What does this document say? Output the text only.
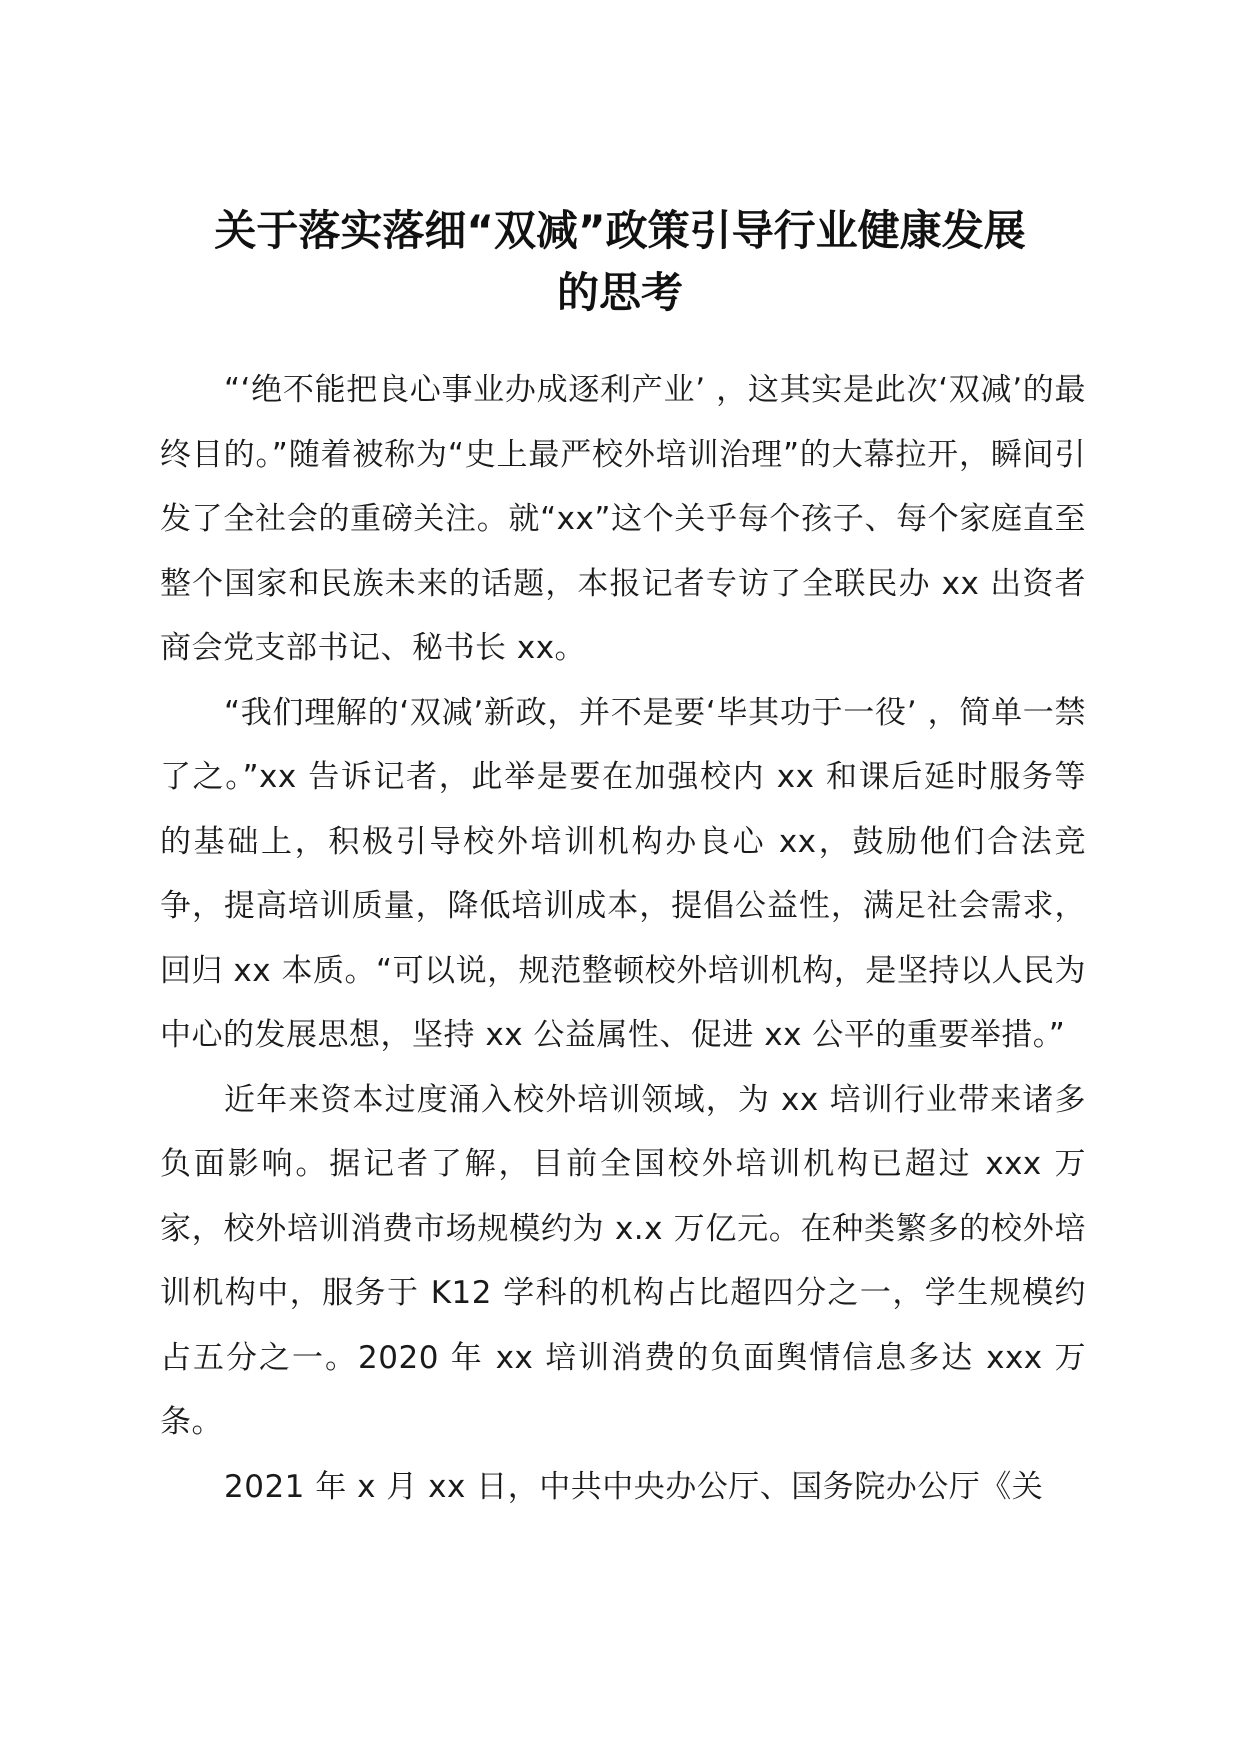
关于落实落细“双减”政策引导行业健康发展
的思考

“‘绝不能把良心事业办成逐利产业’ ，这其实是此次‘双减’的最终目的。”随着被称为“史上最严校外培训治理”的大幕拉开，瞬间引发了全社会的重磅关注。就“xx”这个关乎每个孩子、每个家庭直至整个国家和民族未来的话题，本报记者专访了全联民办 xx 出资者商会党支部书记、秘书长 xx。

“我们理解的‘双减’新政，并不是要‘毕其功于一役’ ，简单一禁了之。”xx 告诉记者，此举是要在加强校内 xx 和课后延时服务等的基础上，积极引导校外培训机构办良心 xx，鼓励他们合法竞争，提高培训质量，降低培训成本，提倡公益性，满足社会需求，回归 xx 本质。“可以说，规范整顿校外培训机构，是坚持以人民为中心的发展思想，坚持 xx 公益属性、促进 xx 公平的重要举措。”

近年来资本过度涌入校外培训领域，为 xx 培训行业带来诸多负面影响。据记者了解，目前全国校外培训机构已超过 xxx 万家，校外培训消费市场规模约为 x.x 万亿元。在种类繁多的校外培训机构中，服务于 K12 学科的机构占比超四分之一，学生规模约占五分之一。2020 年 xx 培训消费的负面舆情信息多达 xxx 万条。

2021 年 x 月 xx 日，中共中央办公厅、国务院办公厅《关
